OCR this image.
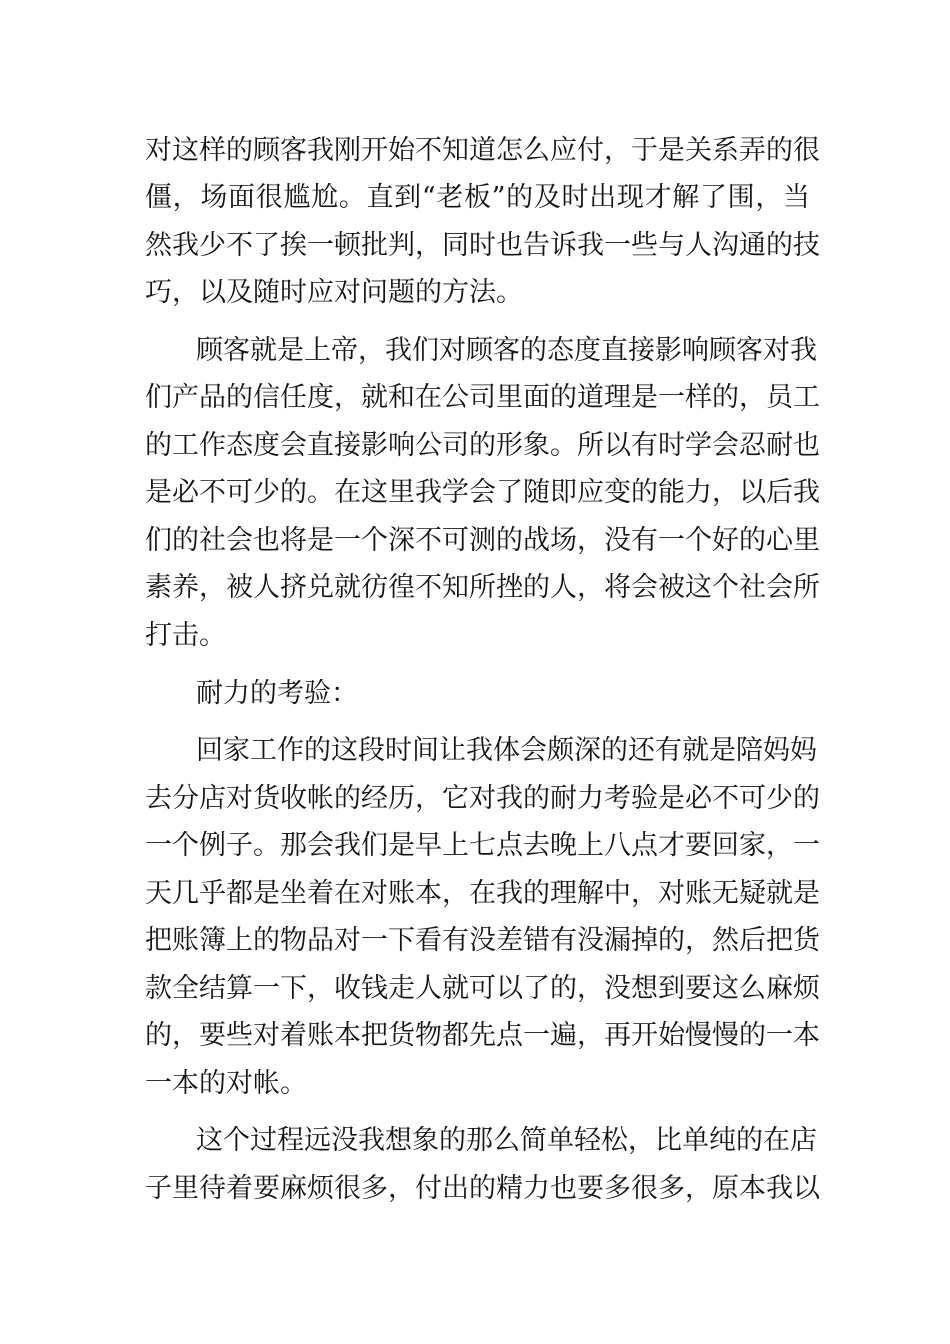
对这样的顾客我刚开始不知道怎么应付，于是关系弄的很
僵，场面很尴尬。直到“老板”的及时出现才解了围，当
然我少不了挨一顿批判，同时也告诉我一些与人沟通的技
巧，以及随时应对问题的方法。
顾客就是上帝，我们对顾客的态度直接影响顾客对我
们产品的信任度，就和在公司里面的道理是一样的，员工
的工作态度会直接影响公司的形象。所以有时学会忍耐也
是必不可少的。在这里我学会了随即应变的能力，以后我
们的社会也将是一个深不可测的战场，没有一个好的心里
素养，被人挤兑就彷徨不知所挫的人，将会被这个社会所
打击。
耐力的考验：
回家工作的这段时间让我体会颇深的还有就是陪妈妈
去分店对货收帐的经历，它对我的耐力考验是必不可少的
一个例子。那会我们是早上七点去晚上八点才要回家，一
天几乎都是坐着在对账本，在我的理解中，对账无疑就是
把账簿上的物品对一下看有没差错有没漏掉的，然后把货
款全结算一下，收钱走人就可以了的，没想到要这么麻烦
的，要些对着账本把货物都先点一遍，再开始慢慢的一本
一本的对帐。
这个过程远没我想象的那么简单轻松，比单纯的在店
子里待着要麻烦很多，付出的精力也要多很多，原本我以
